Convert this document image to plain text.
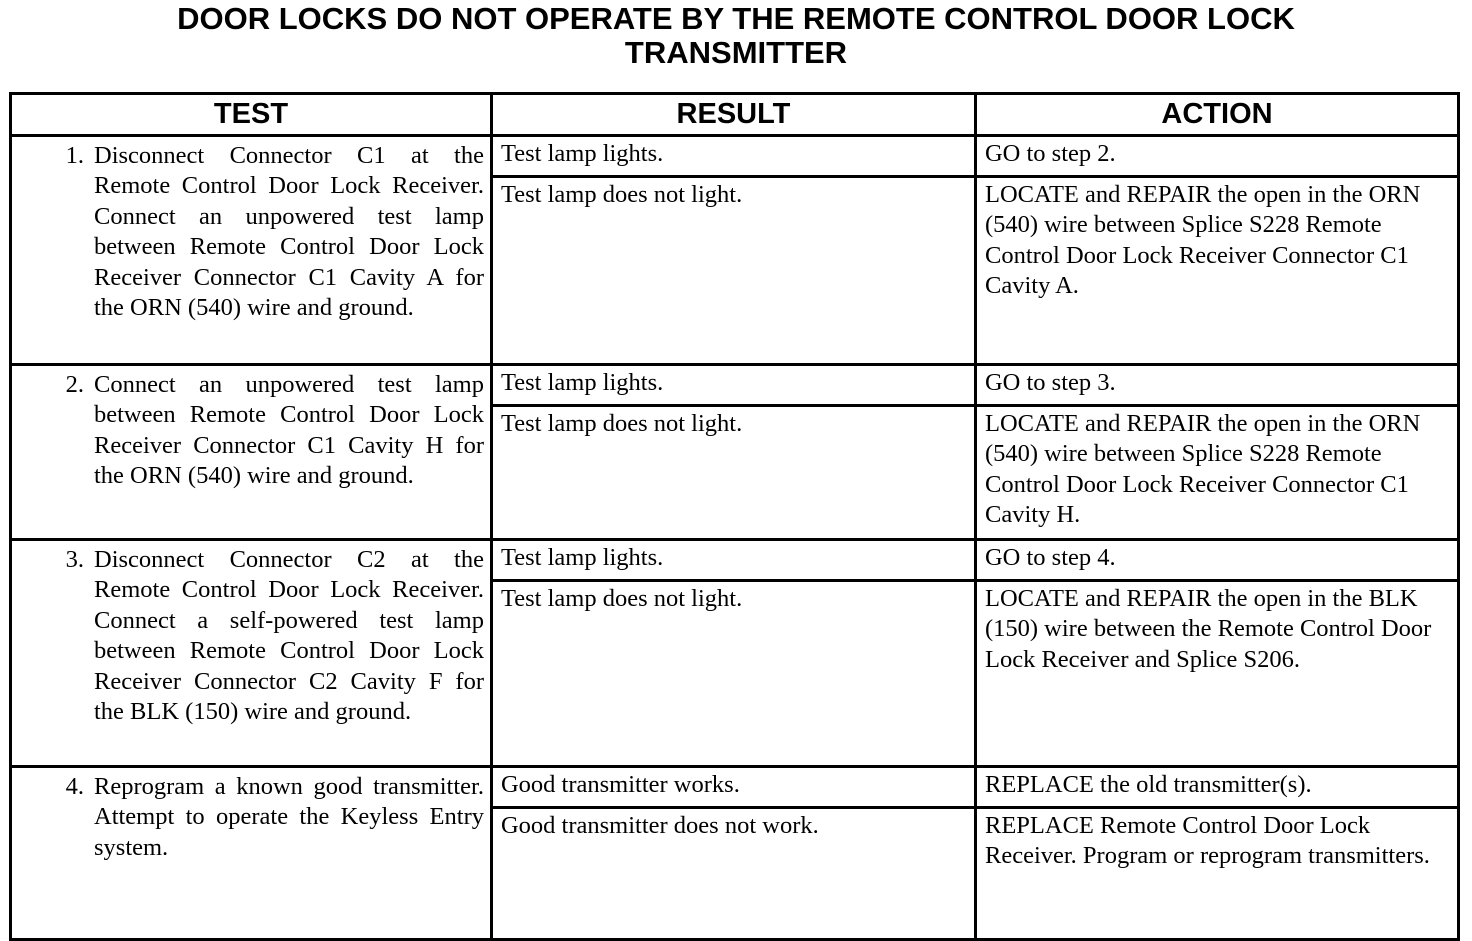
DOOR LOCKS DO NOT OPERATE BY THE REMOTE CONTROL DOOR LOCK
TRANSMITTER
TEST	RESULT	ACTION

1. Disconnect Connector C1 at the Remote Control Door Lock Receiver. Connect an unpowered test lamp between Remote Control Door Lock Receiver Connector C1 Cavity A for the ORN (540) wire and ground.	Test lamp lights.	GO to step 2.
	Test lamp does not light.	LOCATE and REPAIR the open in the ORN (540) wire between Splice S228 Remote Control Door Lock Receiver Connector C1 Cavity A.

2. Connect an unpowered test lamp between Remote Control Door Lock Receiver Connector C1 Cavity H for the ORN (540) wire and ground.	Test lamp lights.	GO to step 3.
	Test lamp does not light.	LOCATE and REPAIR the open in the ORN (540) wire between Splice S228 Remote Control Door Lock Receiver Connector C1 Cavity H.

3. Disconnect Connector C2 at the Remote Control Door Lock Receiver. Connect a self-powered test lamp between Remote Control Door Lock Receiver Connector C2 Cavity F for the BLK (150) wire and ground.	Test lamp lights.	GO to step 4.
	Test lamp does not light.	LOCATE and REPAIR the open in the BLK (150) wire between the Remote Control Door Lock Receiver and Splice S206.

4. Reprogram a known good transmitter. Attempt to operate the Keyless Entry system.	Good transmitter works.	REPLACE the old transmitter(s).
	Good transmitter does not work.	REPLACE Remote Control Door Lock Receiver. Program or reprogram transmitters.
